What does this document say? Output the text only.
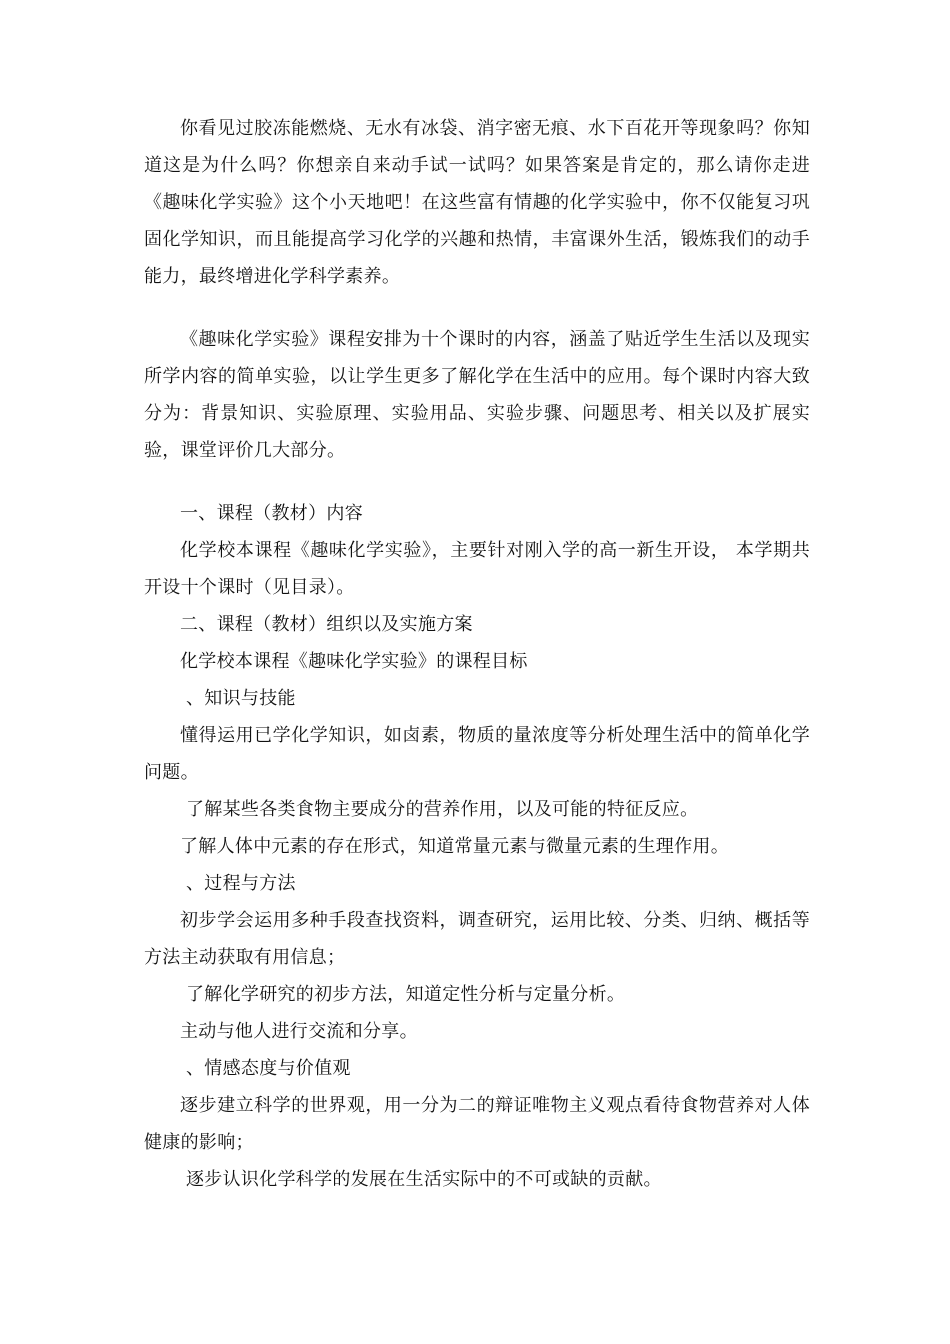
你看见过胶冻能燃烧、无水有冰袋、消字密无痕、水下百花开等现象吗？你知道这是为什么吗？你想亲自来动手试一试吗？如果答案是肯定的，那么请你走进《趣味化学实验》这个小天地吧！在这些富有情趣的化学实验中，你不仅能复习巩固化学知识，而且能提高学习化学的兴趣和热情，丰富课外生活，锻炼我们的动手能力，最终增进化学科学素养。

《趣味化学实验》课程安排为十个课时的内容，涵盖了贴近学生生活以及现实所学内容的简单实验，以让学生更多了解化学在生活中的应用。每个课时内容大致分为：背景知识、实验原理、实验用品、实验步骤、问题思考、相关以及扩展实验，课堂评价几大部分。

一、课程（教材）内容

化学校本课程《趣味化学实验》，主要针对刚入学的高一新生开设， 本学期共开设十个课时（见目录）。

二、课程（教材）组织以及实施方案

化学校本课程《趣味化学实验》的课程目标

、知识与技能

懂得运用已学化学知识，如卤素，物质的量浓度等分析处理生活中的简单化学问题。

了解某些各类食物主要成分的营养作用，以及可能的特征反应。

了解人体中元素的存在形式，知道常量元素与微量元素的生理作用。

、过程与方法

初步学会运用多种手段查找资料，调查研究，运用比较、分类、归纳、概括等方法主动获取有用信息；

了解化学研究的初步方法，知道定性分析与定量分析。

主动与他人进行交流和分享。

、情感态度与价值观

逐步建立科学的世界观，用一分为二的辩证唯物主义观点看待食物营养对人体健康的影响；

逐步认识化学科学的发展在生活实际中的不可或缺的贡献。
